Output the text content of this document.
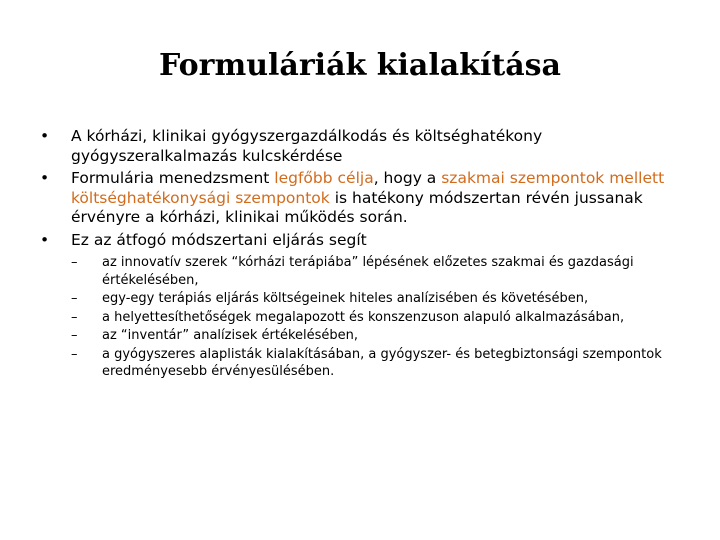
Formuláriák kialakítása
• A kórházi, klinikai gyógyszergazdálkodás és költséghatékony gyógyszeralkalmazás kulcskérdése
• Formulária menedzsment legfőbb célja, hogy a szakmai szempontok mellett költséghatékonysági szempontok is hatékony módszertan révén jussanak érvényre a kórházi, klinikai működés során.
• Ez az átfogó módszertani eljárás segít
–	az innovatív szerek “kórházi terápiába” lépésének előzetes szakmai és gazdasági értékelésében,
–	egy-egy terápiás eljárás költségeinek hiteles analízisében és követésében,
–	a helyettesíthetőségek megalapozott és konszenzuson alapuló alkalmazásában,
–	az “inventár” analízisek értékelésében,
–	a gyógyszeres alaplisták kialakításában, a gyógyszer- és betegbiztonsági szempontok eredményesebb érvényesülésében.
